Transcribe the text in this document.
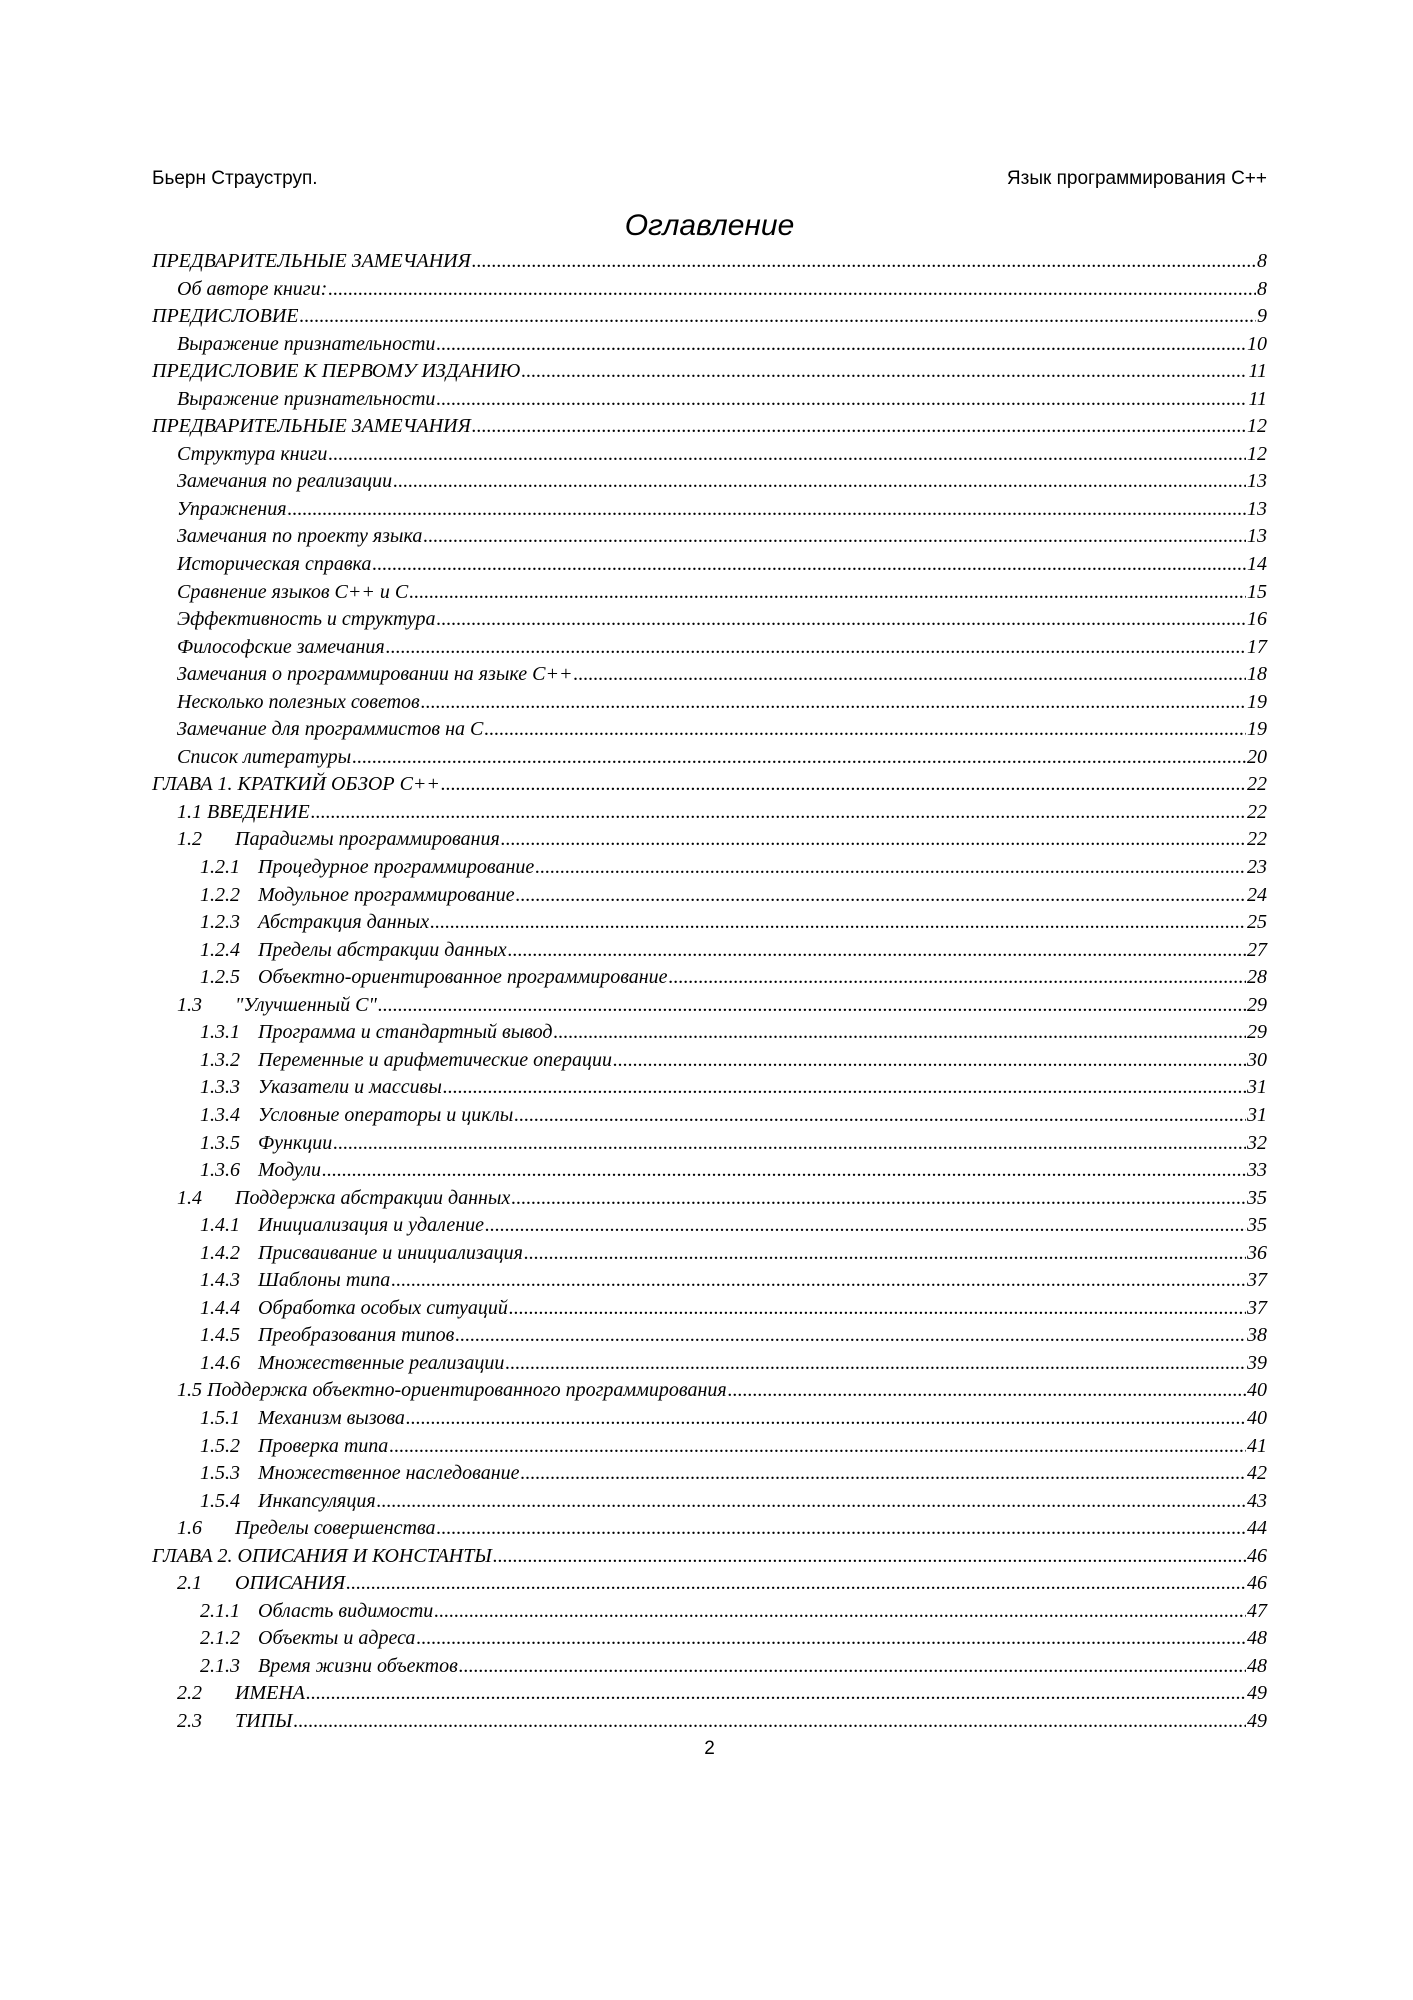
Бьерн Страуструп.	Язык программирования С++
Оглавление
ПРЕДВАРИТЕЛЬНЫЕ ЗАМЕЧАНИЯ .....	8
Об авторе книги: .....	8
ПРЕДИСЛОВИЕ .....	9
Выражение признательности .....	10
ПРЕДИСЛОВИЕ К ПЕРВОМУ ИЗДАНИЮ .....	11
Выражение признательности .....	11
ПРЕДВАРИТЕЛЬНЫЕ ЗАМЕЧАНИЯ .....	12
Структура книги .....	12
Замечания по реализации .....	13
Упражнения .....	13
Замечания по проекту языка .....	13
Историческая справка .....	14
Сравнение языков С++ и С .....	15
Эффективность и структура .....	16
Философские замечания .....	17
Замечания о программировании на языке С++ .....	18
Несколько полезных советов .....	19
Замечание для программистов на С .....	19
Список литературы .....	20
ГЛАВА 1. КРАТКИЙ ОБЗОР С++ .....	22
1.1 ВВЕДЕНИЕ .....	22
1.2 Парадигмы программирования .....	22
1.2.1 Процедурное программирование .....	23
1.2.2 Модульное программирование .....	24
1.2.3 Абстракция данных .....	25
1.2.4 Пределы абстракции данных .....	27
1.2.5 Объектно-ориентированное программирование .....	28
1.3 "Улучшенный С" .....	29
1.3.1 Программа и стандартный вывод .....	29
1.3.2 Переменные и арифметические операции .....	30
1.3.3 Указатели и массивы .....	31
1.3.4 Условные операторы и циклы .....	31
1.3.5 Функции .....	32
1.3.6 Модули .....	33
1.4 Поддержка абстракции данных .....	35
1.4.1 Инициализация и удаление .....	35
1.4.2 Присваивание и инициализация .....	36
1.4.3 Шаблоны типа .....	37
1.4.4 Обработка особых ситуаций .....	37
1.4.5 Преобразования типов .....	38
1.4.6 Множественные реализации .....	39
1.5 Поддержка объектно-ориентированного программирования .....	40
1.5.1 Механизм вызова .....	40
1.5.2 Проверка типа .....	41
1.5.3 Множественное наследование .....	42
1.5.4 Инкапсуляция .....	43
1.6 Пределы совершенства .....	44
ГЛАВА 2. ОПИСАНИЯ И КОНСТАНТЫ .....	46
2.1 ОПИСАНИЯ .....	46
2.1.1 Область видимости .....	47
2.1.2 Объекты и адреса .....	48
2.1.3 Время жизни объектов .....	48
2.2 ИМЕНА .....	49
2.3 ТИПЫ .....	49
2
